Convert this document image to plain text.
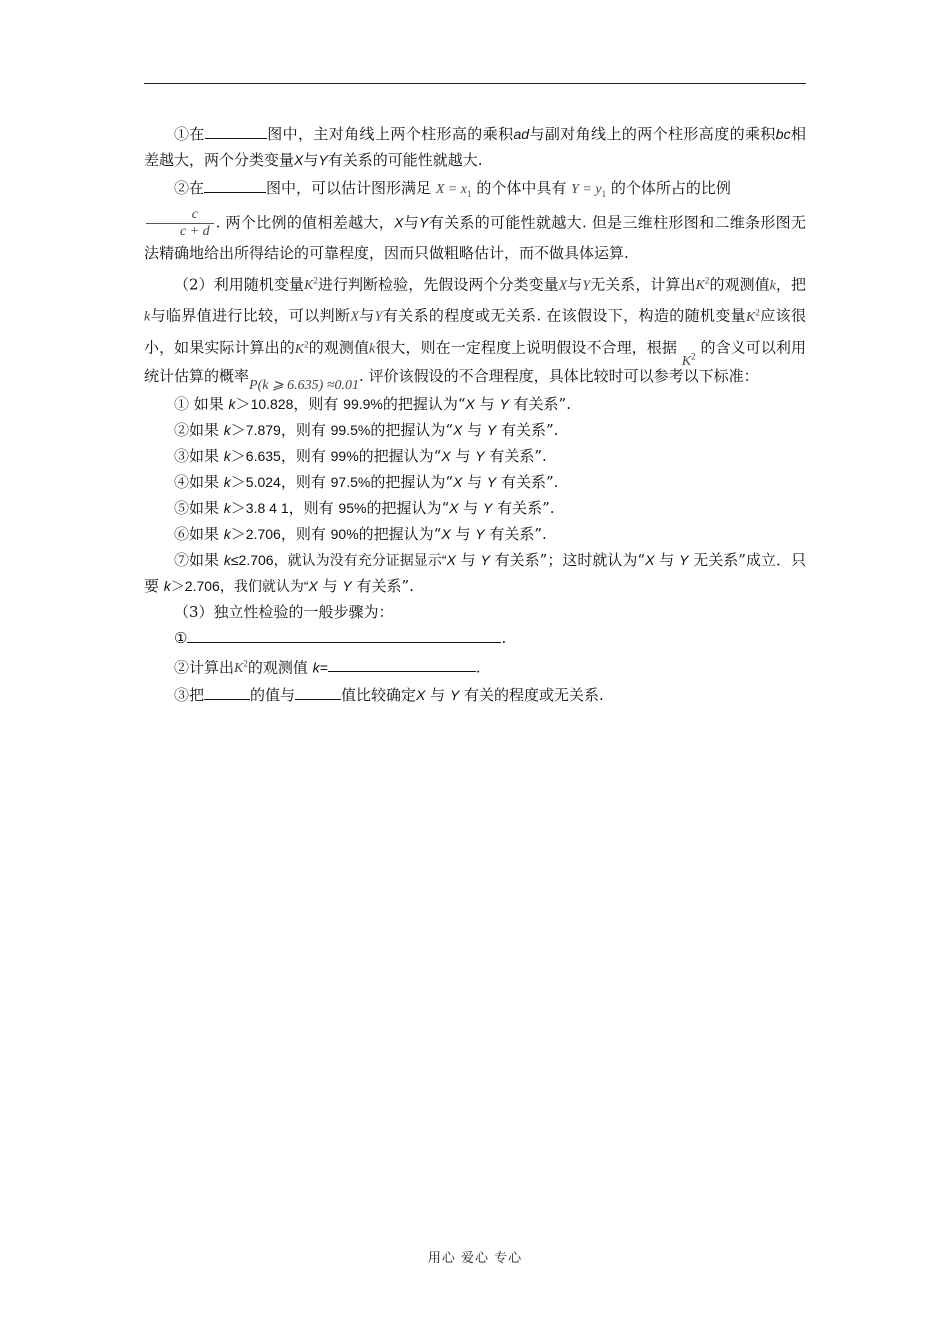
①在	图中，主对角线上两个柱形高的乘积ad与副对角线上的两个柱形高度的乘积bc相差越大，两个分类变量X与Y有关系的可能性就越大.

②在	图中，可以估计图形满足 $X = x_1$ 的个体中具有 $Y = y_1$ 的个体所占的比例

$\frac{c}{c + d}$ . 两个比例的值相差越大，X与Y有关系的可能性就越大. 但是三维柱形图和二维条形图无法精确地给出所得结论的可靠程度，因而只做粗略估计，而不做具体运算.

（2）利用随机变量$K^2$进行判断检验，先假设两个分类变量X与Y无关系，计算出$K^2$的观测值k，把k与临界值进行比较，可以判断X与Y有关系的程度或无关系. 在该假设下，构造的随机变量$K^2$应该很小，如果实际计算出的$K^2$的观测值k很大，则在一定程度上说明假设不合理，根据 $K^2$ 的含义可以利用统计估算的概率P(k ⩾ 6.635) ≈0.01. 评价该假设的不合理程度，具体比较时可以参考以下标准：

① 如果 k＞10.828，则有 99.9%的把握认为“X 与 Y 有关系”.

②如果 k＞7.879，则有 99.5%的把握认为“X 与 Y 有关系”.

③如果 k＞6.635，则有 99%的把握认为“X 与 Y 有关系”.

④如果 k＞5.024，则有 97.5%的把握认为“X 与 Y 有关系”.

⑤如果 k＞3.8 4 1，则有 95%的把握认为“X 与 Y 有关系”.

⑥如果 k＞2.706，则有 90%的把握认为“X 与 Y 有关系”.

⑦如果 k≤2.706，就认为没有充分证据显示“X 与 Y 有关系”；这时就认为“X 与 Y 无关系”成立．只要 k＞2.706，我们就认为“X 与 Y 有关系”.

（3）独立性检验的一般步骤为：

①	.

②计算出$K^2$的观测值 k=	.

③把	的值与	值比较确定X 与 Y 有关的程度或无关系.

用心 爱心 专心
